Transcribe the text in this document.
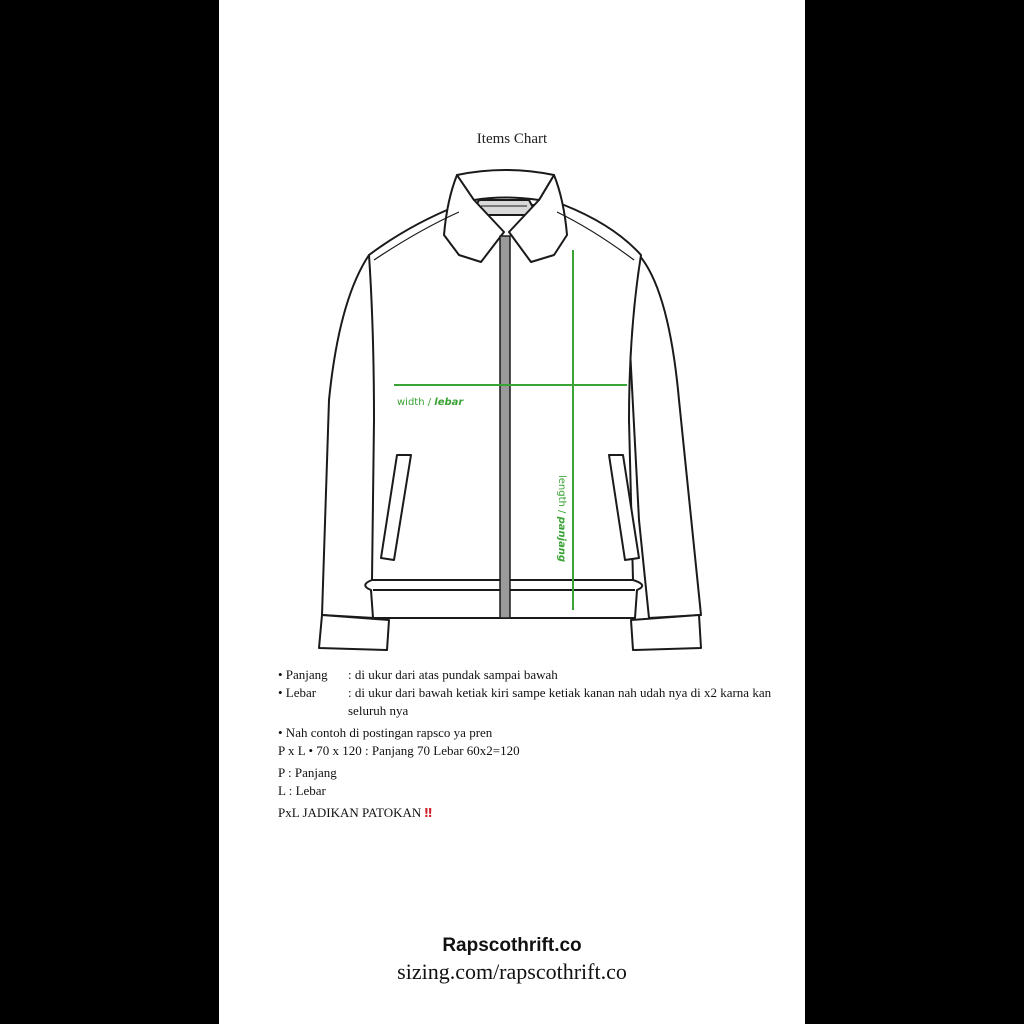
Items Chart
width / lebar
length / panjang
• Panjang	: di ukur dari atas pundak sampai bawah
• Lebar	: di ukur dari bawah ketiak kiri sampe ketiak kanan nah udah nya di x2 karna kan seluruh nya
• Nah contoh di postingan rapsco ya pren
P x L • 70 x 120 : Panjang 70 Lebar 60x2=120
P : Panjang
L : Lebar
PxL JADIKAN PATOKAN ‼
Rapscothrift.co
sizing.com/rapscothrift.co
